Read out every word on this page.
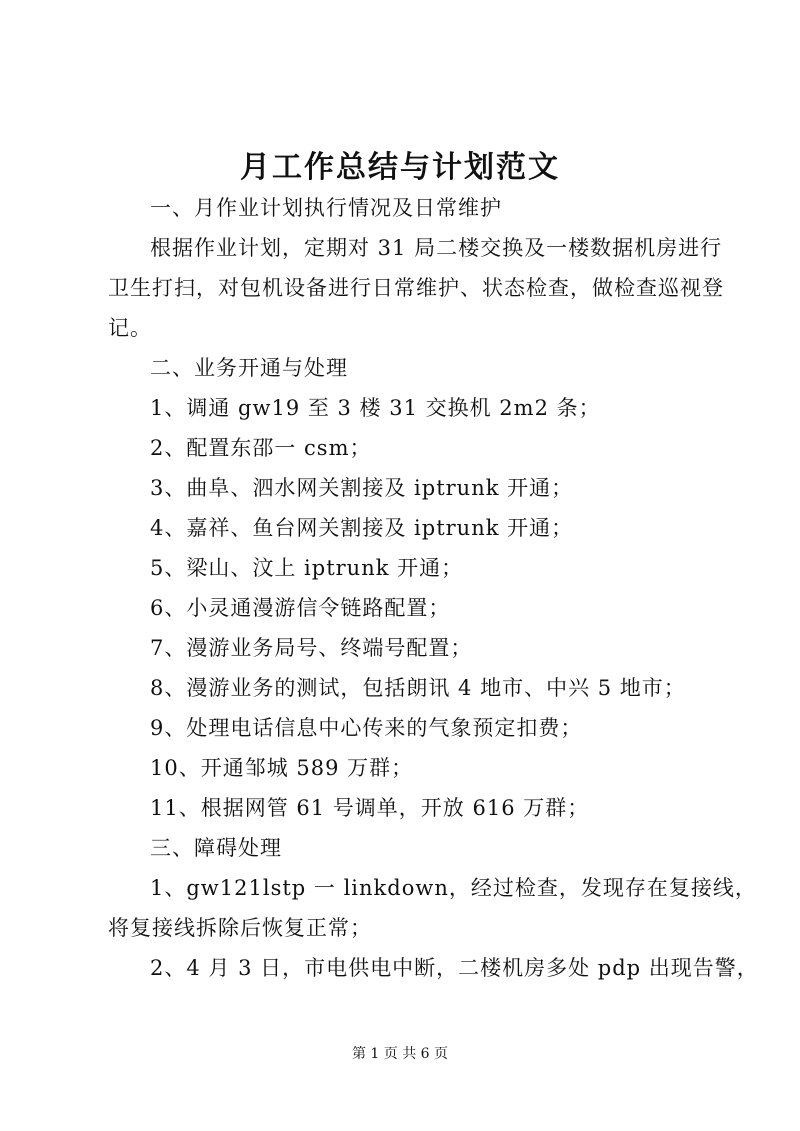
月工作总结与计划范文
一、月作业计划执行情况及日常维护
根据作业计划，定期对 31 局二楼交换及一楼数据机房进行
卫生打扫，对包机设备进行日常维护、状态检查，做检查巡视登
记。
二、业务开通与处理
1、调通 gw19 至 3 楼 31 交换机 2m2 条；
2、配置东邵一 csm；
3、曲阜、泗水网关割接及 iptrunk 开通；
4、嘉祥、鱼台网关割接及 iptrunk 开通；
5、梁山、汶上 iptrunk 开通；
6、小灵通漫游信令链路配置；
7、漫游业务局号、终端号配置；
8、漫游业务的测试，包括朗讯 4 地市、中兴 5 地市；
9、处理电话信息中心传来的气象预定扣费；
10、开通邹城 589 万群；
11、根据网管 61 号调单，开放 616 万群；
三、障碍处理
1、gw121lstp 一 linkdown，经过检查，发现存在复接线，
将复接线拆除后恢复正常；
2、4 月 3 日，市电供电中断，二楼机房多处 pdp 出现告警，
第 1 页 共 6 页
